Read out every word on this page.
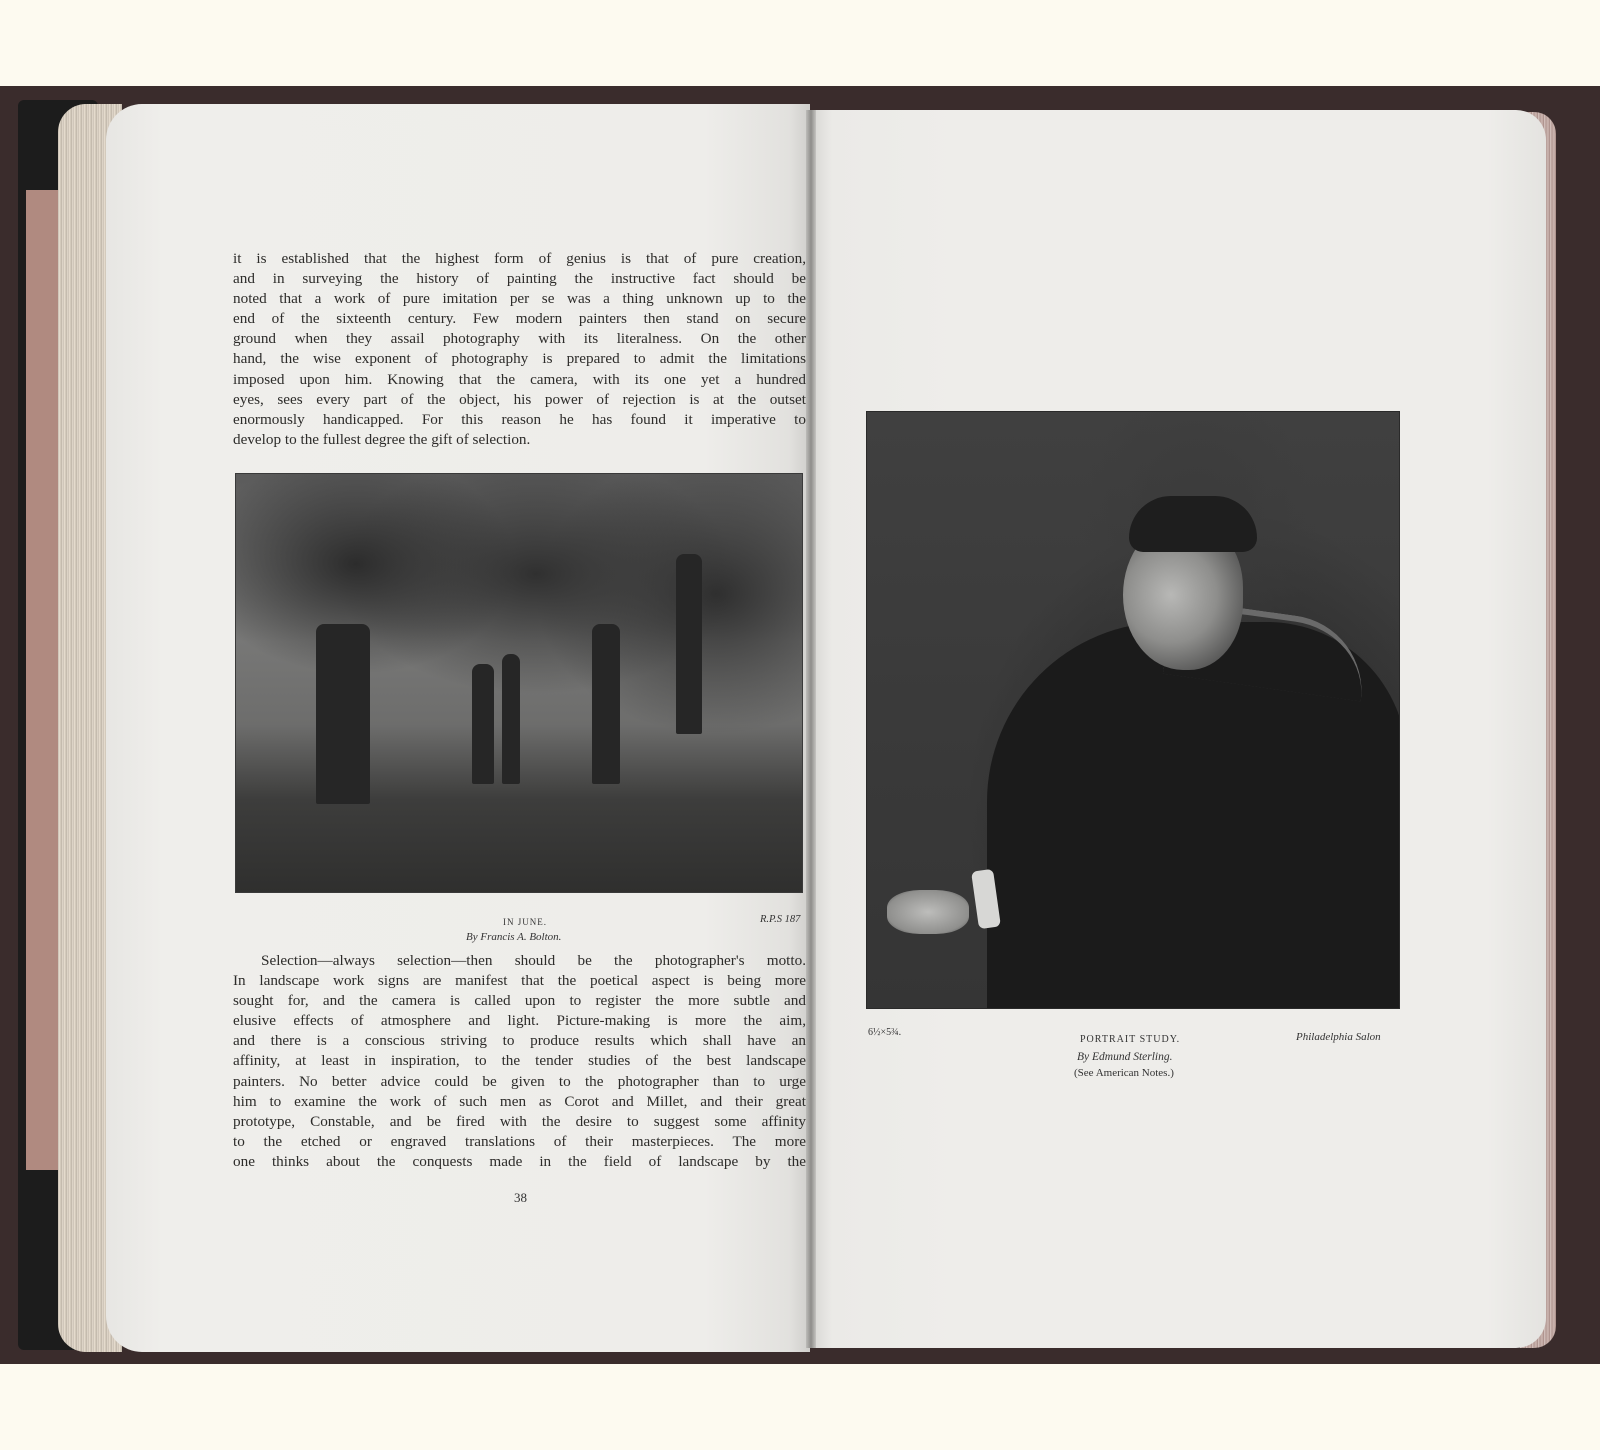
it is established that the highest form of genius is that of pure creation,
and in surveying the history of painting the instructive fact should be
noted that a work of pure imitation per se was a thing unknown up to the
end of the sixteenth century. Few modern painters then stand on secure
ground when they assail photography with its literalness. On the other
hand, the wise exponent of photography is prepared to admit the limitations
imposed upon him. Knowing that the camera, with its one yet a hundred
eyes, sees every part of the object, his power of rejection is at the outset
enormously handicapped. For this reason he has found it imperative to
develop to the fullest degree the gift of selection.
IN JUNE.	R.P.S 187
By Francis A. Bolton.
Selection—always selection—then should be the photographer's motto.
In landscape work signs are manifest that the poetical aspect is being more
sought for, and the camera is called upon to register the more subtle and
elusive effects of atmosphere and light. Picture-making is more the aim,
and there is a conscious striving to produce results which shall have an
affinity, at least in inspiration, to the tender studies of the best landscape
painters. No better advice could be given to the photographer than to urge
him to examine the work of such men as Corot and Millet, and their great
prototype, Constable, and be fired with the desire to suggest some affinity
to the etched or engraved translations of their masterpieces. The more
one thinks about the conquests made in the field of landscape by the
38
6½×5¾.
PORTRAIT STUDY.	Philadelphia Salon
By Edmund Sterling.
(See American Notes.)
